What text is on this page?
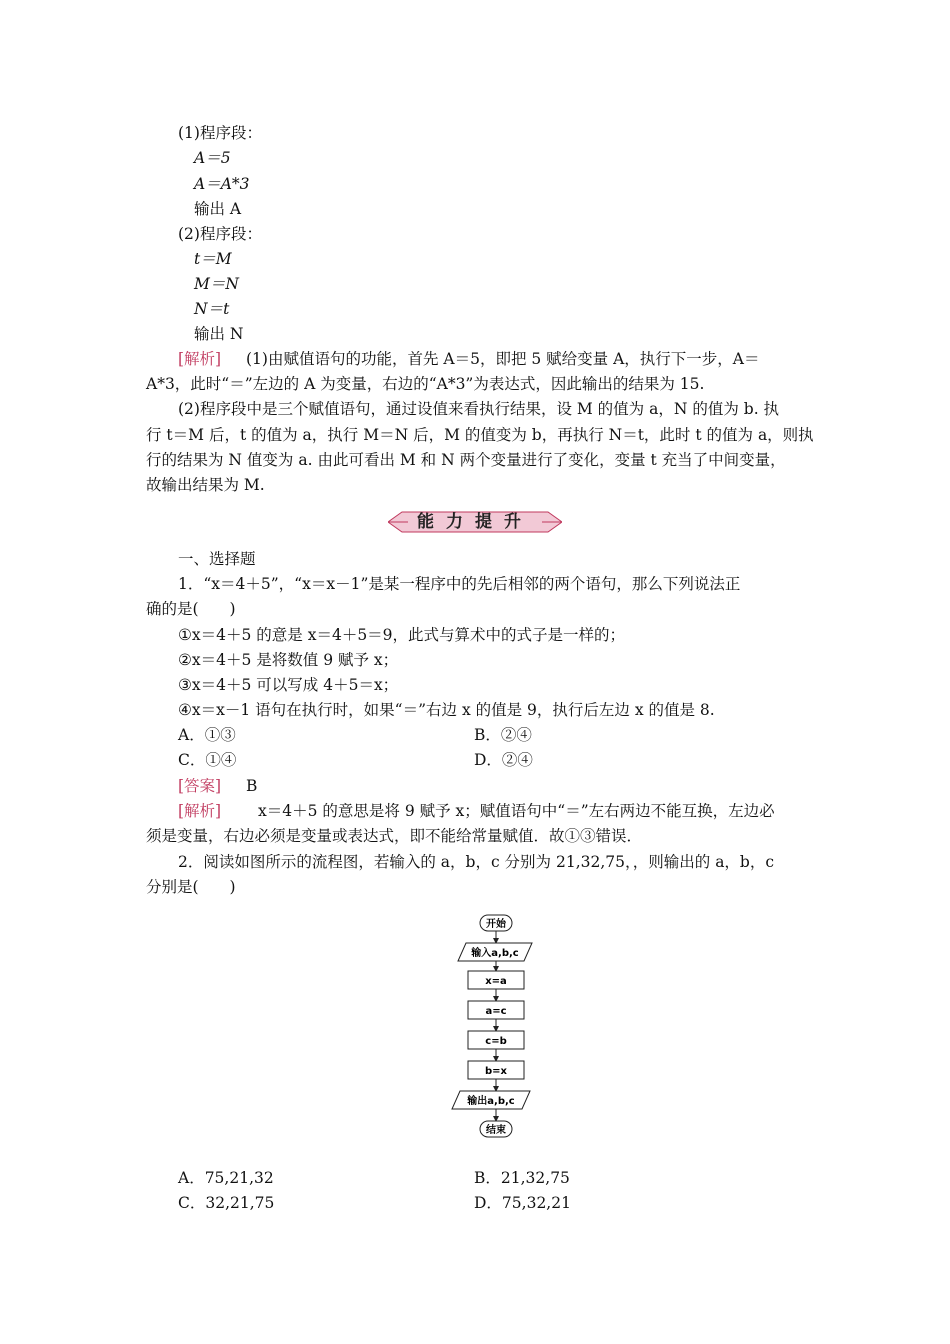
(1)程序段：
A＝5
A＝A*3
输出 A
(2)程序段：
t＝M
M＝N
N＝t
输出 N
[解析] (1)由赋值语句的功能，首先 A＝5，即把 5 赋给变量 A，执行下一步，A＝
A*3，此时“＝”左边的 A 为变量，右边的“A*3”为表达式，因此输出的结果为 15.
(2)程序段中是三个赋值语句，通过设值来看执行结果，设 M 的值为 a，N 的值为 b. 执
行 t＝M 后，t 的值为 a，执行 M＝N 后，M 的值变为 b，再执行 N＝t，此时 t 的值为 a，则执
行的结果为 N 值变为 a. 由此可看出 M 和 N 两个变量进行了变化，变量 t 充当了中间变量，
故输出结果为 M.
能力提升
一、选择题
1．“x＝4＋5”，“x＝x－1”是某一程序中的先后相邻的两个语句，那么下列说法正
确的是(　　)
①x＝4＋5 的意是 x＝4＋5＝9，此式与算术中的式子是一样的；
②x＝4＋5 是将数值 9 赋予 x；
③x＝4＋5 可以写成 4＋5＝x；
④x＝x－1 语句在执行时，如果“＝”右边 x 的值是 9，执行后左边 x 的值是 8.
A．①③	B．②④
C．①④	D．②④
[答案] B
[解析] x＝4＋5 的意思是将 9 赋予 x；赋值语句中“＝”左右两边不能互换，左边必
须是变量，右边必须是变量或表达式，即不能给常量赋值．故①③错误．
2．阅读如图所示的流程图，若输入的 a，b，c 分别为 21,32,75，，则输出的 a，b，c
分别是(　　)
开始
输入a,b,c
x=a
a=c
c=b
b=x
输出a,b,c
结束
A．75,21,32	B．21,32,75
C．32,21,75	D．75,32,21
